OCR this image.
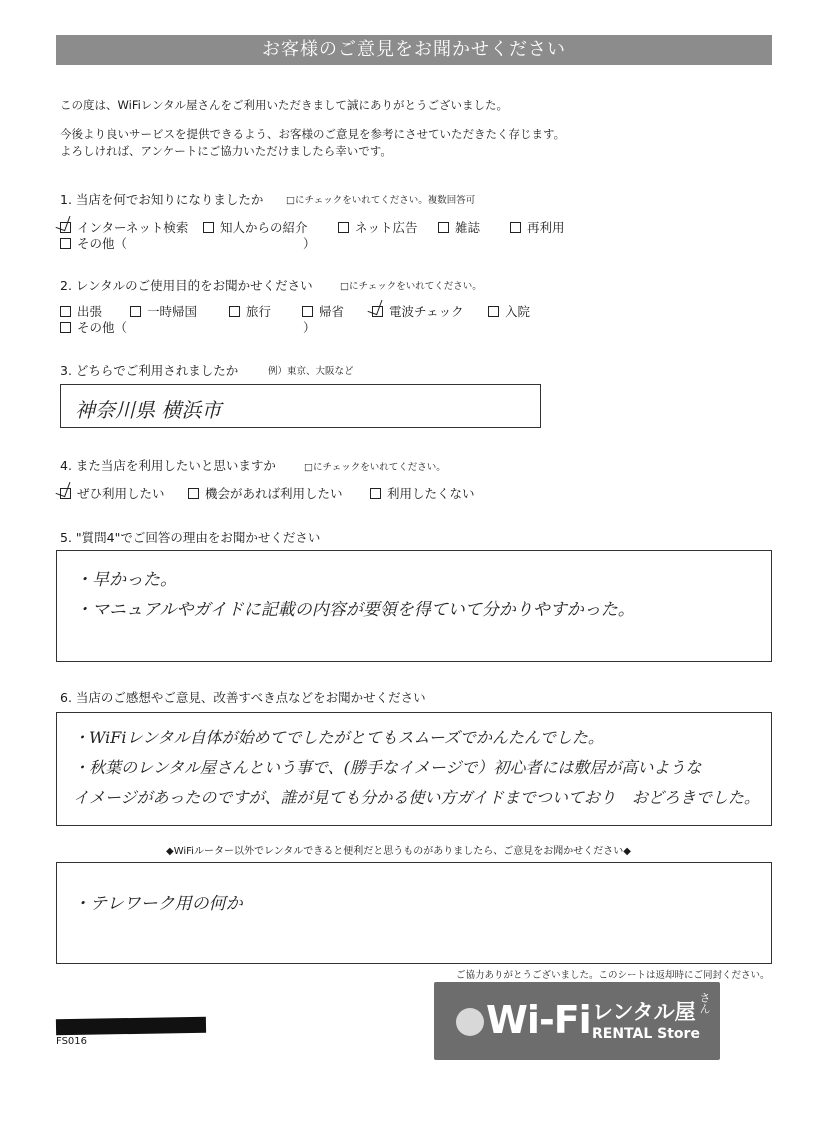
お客様のご意見をお聞かせください
この度は、WiFiレンタル屋さんをご利用いただきまして誠にありがとうございました。
今後より良いサービスを提供できるよう、お客様のご意見を参考にさせていただきたく存じます。
よろしければ、アンケートにご協力いただけましたら幸いです。
1. 当店を何でお知りになりましたか □にチェックをいれてください。複数回答可
インターネット検索	知人からの紹介	ネット広告	雑誌	再利用
その他（	）
2. レンタルのご使用目的をお聞かせください	□にチェックをいれてください。
出張	一時帰国	旅行	帰省	電波チェック	入院
その他（	）
3. どちらでご利用されましたか	例）東京、大阪など
神奈川県 横浜市
4. また当店を利用したいと思いますか	□にチェックをいれてください。
ぜひ利用したい	機会があれば利用したい	利用したくない
5. "質問4"でご回答の理由をお聞かせください
・早かった。
・マニュアルやガイドに記載の内容が要領を得ていて分かりやすかった。
6. 当店のご感想やご意見、改善すべき点などをお聞かせください
・WiFiレンタル自体が始めてでしたがとてもスムーズでかんたんでした。
・秋葉のレンタル屋さんという事で、(勝手なイメージで）初心者には敷居が高いような
イメージがあったのですが、誰が見ても分かる使い方ガイドまでついており　おどろきでした。
◆WiFiルーター以外でレンタルできると便利だと思うものがありましたら、ご意見をお聞かせください◆
・テレワーク用の何か
ご協力ありがとうございました。このシートは返却時にご同封ください。
FS016	Wi-Fi レンタル屋 さん
RENTAL Store
